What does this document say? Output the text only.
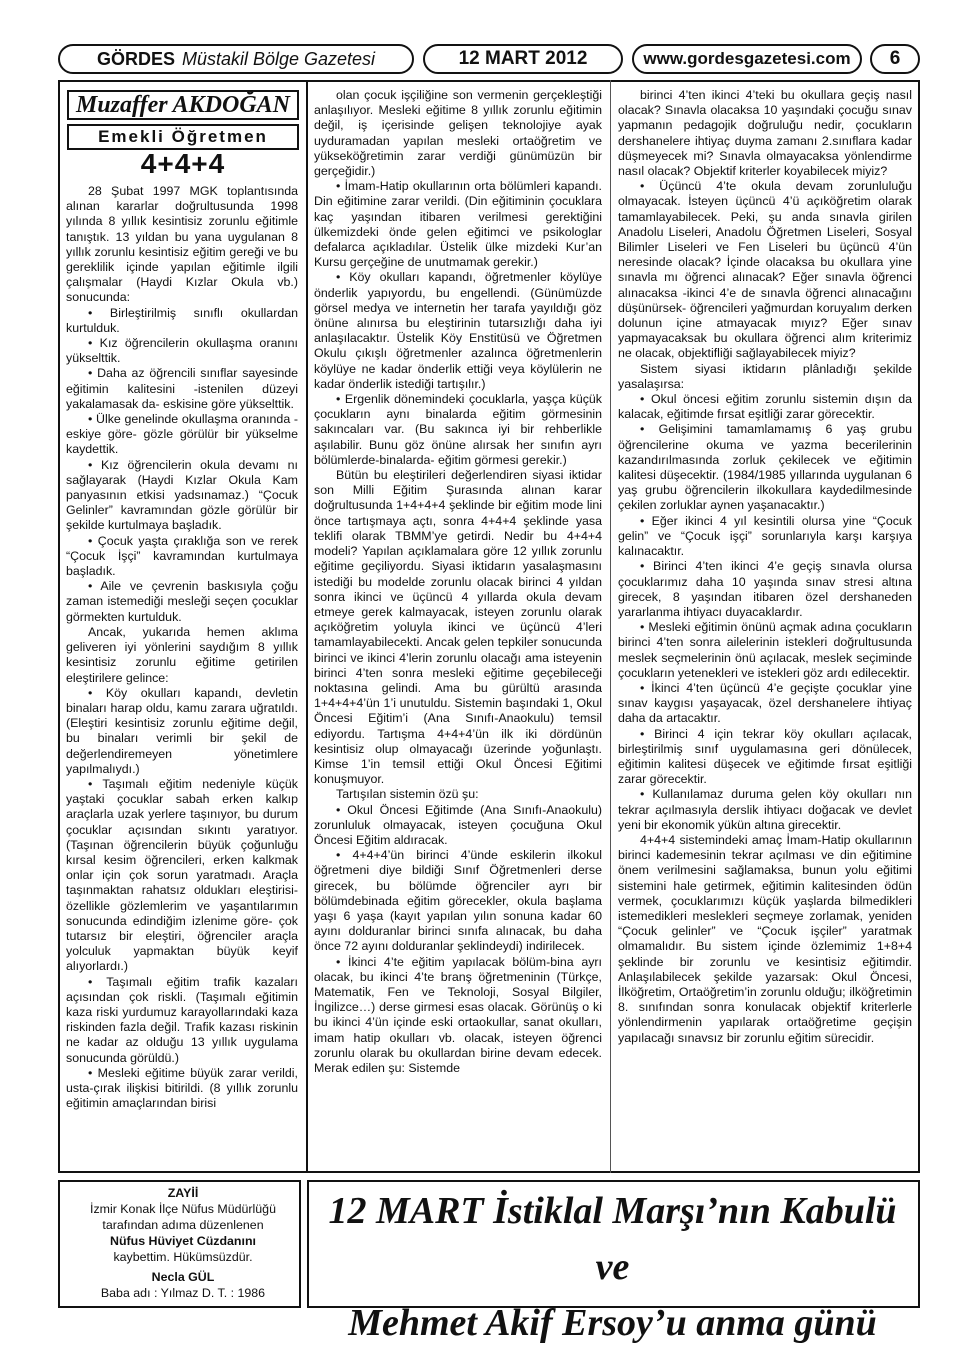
GÖRDES Müstakil Bölge Gazetesi	12 MART 2012	www.gordesgazetesi.com 6
Muzaffer AKDOĞAN
Emekli Öğretmen
4+4+4

28 Şubat 1997 MGK toplantısında alınan kararlar doğrultusunda 1998 yılında 8 yıllık kesintisiz zorunlu eğitimle tanıştık. 13 yıldan bu yana uygulanan 8 yıllık zorunlu kesintisiz eğitim gereği ve bu gereklilik içinde yapılan eğitimle ilgili çalışmalar (Haydi Kızlar Okula vb.) sonucunda:

• Birleştirilmiş sınıflı okullardan kurtulduk.

• Kız öğrencilerin okullaşma oranını yükselttik.

• Daha az öğrencili sınıflar sayesinde eğitimin kalitesini -istenilen düzeyi yakalamasak da- eskisine göre yükselttik.

• Ülke genelinde okullaşma oranında -eskiye göre- gözle görülür bir yükselme kaydettik.

• Kız öğrencilerin okula devamı nı sağlayarak (Haydi Kızlar Okula Kam panyasının etkisi yadsınamaz.) “Çocuk Gelinler” kavramından gözle görülür bir şekilde kurtulmaya başladık.

• Çocuk yaşta çıraklığa son ve rerek “Çocuk İşçi” kavramından kurtulmaya başladık.

• Aile ve çevrenin baskısıyla çoğu zaman istemediği mesleği seçen çocuklar görmekten kurtulduk.

Ancak, yukarıda hemen aklıma geliveren iyi yönlerini saydığım 8 yıllık kesintisiz zorunlu eğitime getirilen eleştirilere gelince:

• Köy okulları kapandı, devletin binaları harap oldu, kamu zarara uğratıldı. (Eleştiri kesintisiz zorunlu eğitime değil, bu binaları verimli bir şekil de değerlendiremeyen yönetimlere yapılmalıydı.)

• Taşımalı eğitim nedeniyle küçük yaştaki çocuklar sabah erken kalkıp araçlarla uzak yerlere taşınıyor, bu durum çocuklar açısından sıkıntı yaratıyor. (Taşınan öğrencilerin büyük çoğunluğu kırsal kesim öğrencileri, erken kalkmak onlar için çok sorun yaratmadı. Araçla taşınmaktan rahatsız oldukları eleştirisi- özellikle gözlemlerim ve yaşantılarımın sonucunda edindiğim izlenime göre- çok tutarsız bir eleştiri, öğrenciler araçla yolculuk yapmaktan büyük keyif alıyorlardı.)

• Taşımalı eğitim trafik kazaları açısından çok riskli. (Taşımalı eğitimin kaza riski yurdumuz karayollarındaki kaza riskinden fazla değil. Trafik kazası riskinin ne kadar az olduğu 13 yıllık uygulama sonucunda görüldü.)

• Mesleki eğitime büyük zarar verildi, usta-çırak ilişkisi bitirildi. (8 yıllık zorunlu eğitimin amaçlarından birisi

olan çocuk işçiliğine son vermenin gerçekleştiği anlaşılıyor. Mesleki eğitime 8 yıllık zorunlu eğitimin değil, iş içerisinde gelişen teknolojiye ayak uyduramadan yapılan mesleki ortaöğretim ve yükseköğretimin zarar verdiği günümüzün bir gerçeğidir.)

• İmam-Hatip okullarının orta bölümleri kapandı. Din eğitimine zarar verildi. (Din eğitiminin çocuklara kaç yaşından itibaren verilmesi gerektiğini ülkemizdeki önde gelen eğitimci ve psikologlar defalarca açıkladılar. Üstelik ülke mizdeki Kur’an Kursu gerçeğine de unutmamak gerekir.)

• Köy okulları kapandı, öğretmenler köylüye önderlik yapıyordu, bu engellendi. (Günümüzde görsel medya ve internetin her tarafa yayıldığı göz önüne alınırsa bu eleştirinin tutarsızlığı daha iyi anlaşılacaktır. Üstelik Köy Enstitüsü ve Öğretmen Okulu çıkışlı öğretmenler azalınca öğretmenlerin köylüye ne kadar önderlik ettiği veya köylülerin ne kadar önderlik istediği tartışılır.)

• Ergenlik dönemindeki çocuklarla, yaşça küçük çocukların aynı binalarda eğitim görmesinin sakıncaları var. (Bu sakınca iyi bir rehberlikle aşılabilir. Bunu göz önüne alırsak her sınıfın ayrı bölümlerde-binalarda- eğitim görmesi gerekir.)

Bütün bu eleştirileri değerlendiren siyasi iktidar son Milli Eğitim Şurasında alınan karar doğrultusunda 1+4+4+4 şeklinde bir eğitim mode lini önce tartışmaya açtı, sonra 4+4+4 şeklinde yasa teklifi olarak TBMM’ye getirdi. Nedir bu 4+4+4 modeli? Yapılan açıklamalara göre 12 yıllık zorunlu eğitime geçiliyordu. Siyasi iktidarın yasalaşmasını istediği bu modelde zorunlu olacak birinci 4 yıldan sonra ikinci ve üçüncü 4 yıllarda okula devam etmeye gerek kalmayacak, isteyen zorunlu olarak açıköğretim yoluyla ikinci ve üçüncü 4’leri tamamlayabilecekti. Ancak gelen tepkiler sonucunda birinci ve ikinci 4’lerin zorunlu olacağı ama isteyenin birinci 4’ten sonra mesleki eğitime geçebileceği noktasına gelindi. Ama bu gürültü arasında 1+4+4+4’ün 1’i unutuldu. Sistemin başındaki 1, Okul Öncesi Eğitim’i (Ana Sınıfı-Anaokulu) temsil ediyordu. Tartışma 4+4+4’ün ilk iki dördünün kesintisiz olup olmayacağı üzerinde yoğunlaştı. Kimse 1’in temsil ettiği Okul Öncesi Eğitimi konuşmuyor.

Tartışılan sistemin özü şu:

• Okul Öncesi Eğitimde (Ana Sınıfı-Anaokulu) zorunluluk olmayacak, isteyen çocuğuna Okul Öncesi Eğitim aldıracak.

• 4+4+4’ün birinci 4’ünde eskilerin ilkokul öğretmeni diye bildiği Sınıf Öğretmenleri derse girecek, bu bölümde öğrenciler ayrı bir bölümdebinada eğitim görecekler, okula başlama yaşı 6 yaşa (kayıt yapılan yılın sonuna kadar 60 ayını dolduranlar birinci sınıfa alınacak, bu daha önce 72 ayını dolduranlar şeklindeydi) indirilecek.

• İkinci 4’te eğitim yapılacak bölüm-bina ayrı olacak, bu ikinci 4’te branş öğretmeninin (Türkçe, Matematik, Fen ve Teknoloji, Sosyal Bilgiler, İngilizce…) derse girmesi esas olacak. Görünüş o ki bu ikinci 4’ün içinde eski ortaokullar, sanat okulları, imam hatip okulları vb. olacak, isteyen öğrenci zorunlu olarak bu okullardan birine devam edecek. Merak edilen şu: Sistemde

birinci 4’ten ikinci 4’teki bu okullara geçiş nasıl olacak? Sınavla olacaksa 10 yaşındaki çocuğu sınav yapmanın pedagojik doğruluğu nedir, çocukların dershanelere ihtiyaç duyma zamanı 2.sınıflara kadar düşmeyecek mi? Sınavla olmayacaksa yönlendirme nasıl olacak? Objektif kriterler koyabilecek miyiz?

• Üçüncü 4’te okula devam zorunluluğu olmayacak. İsteyen üçüncü 4’ü açıköğretim olarak tamamlayabilecek. Peki, şu anda sınavla girilen Anadolu Liseleri, Anadolu Öğretmen Liseleri, Sosyal Bilimler Liseleri ve Fen Liseleri bu üçüncü 4’ün neresinde olacak? İçinde olacaksa bu okullara yine sınavla mı öğrenci alınacak? Eğer sınavla öğrenci alınacaksa -ikinci 4’e de sınavla öğrenci alınacağını düşünürsek- öğrencileri yağmurdan koruyalım derken dolunun içine atmayacak mıyız? Eğer sınav yapmayacaksak bu okullara öğrenci alım kriterimiz ne olacak, objektifliği sağlayabilecek miyiz?

Sistem siyasi iktidarın plânladığı şekilde yasalaşırsa:

• Okul öncesi eğitim zorunlu sistemin dışın da kalacak, eğitimde fırsat eşitliği zarar görecektir.

• Gelişimini tamamlamamış 6 yaş grubu öğrencilerine okuma ve yazma becerilerinin kazandırılmasında zorluk çekilecek ve eğitimin kalitesi düşecektir. (1984/1985 yıllarında uygulanan 6 yaş grubu öğrencilerin ilkokullara kaydedilmesinde çekilen zorluklar aynen yaşanacaktır.)

• Eğer ikinci 4 yıl kesintili olursa yine “Çocuk gelin” ve “Çocuk işçi” sorunlarıyla karşı karşıya kalınacaktır.

• Birinci 4’ten ikinci 4’e geçiş sınavla olursa çocuklarımız daha 10 yaşında sınav stresi altına girecek, 8 yaşından itibaren özel dershaneden yararlanma ihtiyacı duyacaklardır.

• Mesleki eğitimin önünü açmak adına çocukların birinci 4’ten sonra ailelerinin istekleri doğrultusunda meslek seçmelerinin önü açılacak, meslek seçiminde çocukların yetenekleri ve istekleri göz ardı edilecektir.

• İkinci 4’ten üçüncü 4’e geçişte çocuklar yine sınav kaygısı yaşayacak, özel dershanelere ihtiyaç daha da artacaktır.

• Birinci 4 için tekrar köy okulları açılacak, birleştirilmiş sınıf uygulamasına geri dönülecek, eğitimin kalitesi düşecek ve eğitimde fırsat eşitliği zarar görecektir.

• Kullanılamaz duruma gelen köy okulları nın tekrar açılmasıyla derslik ihtiyacı doğacak ve devlet yeni bir ekonomik yükün altına girecektir.

4+4+4 sistemindeki amaç İmam-Hatip okullarının birinci kademesinin tekrar açılması ve din eğitimine önem verilmesini sağlamaksa, bunun yolu eğitimi sistemini hale getirmek, eğitimin kalitesinden ödün vermek, çocuklarımızı küçük yaşlarda bilmedikleri istemedikleri meslekleri seçmeye zorlamak, yeniden “Çocuk gelinler” ve “Çocuk işçiler” yaratmak olmamalıdır. Bu sistem içinde özlemimiz 1+8+4 şeklinde bir zorunlu ve kesintisiz eğitimdir. Anlaşılabilecek şekilde yazarsak: Okul Öncesi, İlköğretim, Ortaöğretim’in zorunlu olduğu; ilköğretimin 8. sınıfından sonra konulacak objektif kriterlerle yönlendirmenin yapılarak ortaöğretime geçişin yapılacağı sınavsız bir zorunlu eğitim sürecidir.

ZAYİİ
İzmir Konak İlçe Nüfus Müdürlüğü
tarafından adıma düzenlenen
Nüfus Hüviyet Cüzdanını
kaybettim. Hükümsüzdür.
Necla GÜL
Baba adı : Yılmaz D. T. : 1986
12 MART İstiklal Marşı’nın Kabulü ve
Mehmet Akif Ersoy’u anma günü
